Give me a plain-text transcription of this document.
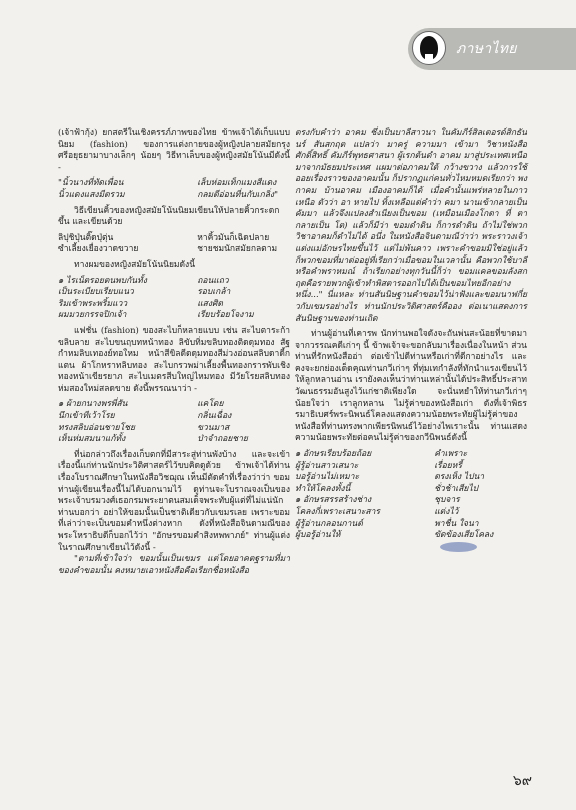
ภาษาไทย

(เจ้าฟ้ากุ้ง) ยกสตรีในเชิงครรภ์ภาพของไทย ข้าพเจ้าได้เก็บแบบนิยม (fashion) ของการแต่งกายของผู้หญิงปลายสมัยกรุงศรีอยุธยามาบางเล็กๆ น้อยๆ วิธีทาเล็บของผู้หญิงสมัยโน้นมีดังนี้ -

"นิ้วนางที่ทัดเพื่อน	เล็บห่อมเท็กแมงสีแดง
นิ้วแดงแสงมีตรวม	กลมตีอ่อนที่นกับเกลิ่ง"

วิธีเขียนคิ้วของหญิงสมัยโน้นนิยมเขียนให้ปลายคิ้วกระดกขึ้น และเขียนด้วย

ลิปุชิปุ่นติ๊ดปุ่ตุ่น	หาคิ้วมันก็เฉิดปลาย
ซำเลี้ยงเยื่องวาดขวาย	ชายชมนักสมัยกลตาม

ทางผมของหญิงสมัยโน้นนิยมดังนี้

๑ ไรเน็ตรอยตนพบกันทั้ง	ถอนแถว
เป็นระเบียบเรียบแนว	รอบเกล้า
ริมเข้าพระพริ้มแวว	แสงศิต
ผมมวยกรรจปิกเจ้า	เรียบร้อยโจงาม

แฟชั่น (fashion) ของสะไบก็หลายแบบ เช่น สะไบตาระก้าขลิบลาย สะไบขนฤบทหน้าทอง ลิขับทิ่มขลิบทองติดดุมทอง สัฐกำหมลิบเทองย์ทอใหม หน้าสีขิลดีดดุมทองสีม่วงอ่อนสลิบดาดี้กแตน ผ้าโกหราทลิบทอง สะไบกรวพม่าเลี้ยงพื้นทองกรารพับเชิงทองหน้าเขียรยาภ สะไบเมตรสีบใหญ่ไหมทอง มีวัยโรยสลิบทองห่มสองใหม่สลดขาย ดังนี้พรรณนาว่า -

๑ ผ้ายกนางพรพี่สัน	แคโดย
นึกเข้าทีเว้าโรย	กลิ่นเฉื่อง
ทรงสลิบอ่อนชายโชย	ขวนมาส
เห็นห่มสมนาแก้ทั้ง	ป่าจำถอยชาย

ที่น่อกล่าวถึงเรื่องเก็บตกที่มีสาระสู่ท่านพังบ้าง และจะเข้าเรื่องนี้แก่ท่านนักประวิติศาสตร์ไว้ขบคิดดูด้วย ข้าพเจ้าได้ท่านเรื่องโบราณศึกษาในหนังสือวิชฌุณ เห็นมีตัดคำที่เรื่องว่าว่า ขอม ท่านผู้เขียนเรื่องนี้ไม่ได้บอกนามไว้ ดูท่านจะโบราณจงเป็นของพระเจ้าบรมวงศ์เธอกรมพระยาตนสมเด็จพระทับผู้แต่ที่ไม่แน่นัก ท่านบอกว่า อย่าให้ขอมนั้นเป็นชาติเดียวกับเขมรเลย เพราะขอมที่เล่าว่าจะเป็นขอมคำหนึ่งต่างหาก ดังที่หนังสือจินดามณีของพระโหราธิบดีก็บอกไว้ว่า "อักษรขอมคำสิงหพพาภย์" ท่านผู้แต่งในราณศึกษาเขียนไว้ดังนี้ -

"ตามที่เข้าใจว่า ขอมนั้นเป็นเขมร แต่โดยอาคตฐรามที่มาของคำขอมนั้น คงหมายเอาหนังสือคือเรียกชื่อหนังสือ

ตรงกับคำว่า อาคม ซึ่งเป็นบาลีสาวนา ในคัมภีร์สิลเตอรด์สิกธันนร์ สันสกฤต แปลว่า มาครู่ ความมา เข้ามา วิชาหนังสือศักดิ์สิทธิ์ คัมภีร์พุทธศาสนา ผู้เรกต้นดำ อาคม มาสู่ประเทศเหนือ มาจากมัธยมประเทศ แผมาต่อภาคมใต้ กว้างขวาง แล้วการใช้ออยเรื่องราวของอาคมนั้น ก็ปรากฏแก่คนทั่วไหมหมดเรียกว่า พงกาคม บ้านอาคม เมืองอาคมก็ได้ เมื่อคำนั้นแพร่หลายในภาวเหนือ ตัวว่า อา หายไป ทิ้งเหลือแต่คำว่า คมา นานเข้ากลายเป็น คัมมา แล้วจึงแปลงสำเนียงเป็นขอม (เหมือนเมืองโกตา ที่ ตา กลายเป็น โต) แล้วก็มีว่า ขอมดำดิน ก็การดำดิน ถ้าไม่ใช่พวกวิชาอาคมก็ดำไม่ได้ อนึ่ง ในหนังสือจินดามณีว่าว่า พระราวงเจ้าแต่งแม่อักษรไทยขึ้นไว้ แต่ไม่พ้นคาว เพราะคำขอมมิใช่อยู่แล้ว ก็พวกขอมที่มาต่ออยู่ที่เรียกว่าเมื่อขอมในเวลานั้น คือพวกใช้บาลีหรือคำพราหมณ์ ถ้าเรียกอย่างทุกวันนี้ก็ว่า ขอมแคลขอมลังสกฤตคือรายพวกผู้เข้าทำพิสตารออกไปได้เป็นขอมไทยอีกอย่างหนึ่ง..." นี่แหละ ท่านสันนิษฐานคำขอมไว้น่าฟังและขอมนาฟกี่ยวกับเขมรอย่างไร ท่านนักประวิติศาสตร์คืออง ต่อเนาแสดงการสันนิษฐานของท่านเถิด

ท่านผู้อ่านที่เคารพ นักท่านพอใจดังจะถันพ่นสะน้อยที่ขาดมาจากวรรณคดีเก่าๆ นี้ ข้าพเจ้าจะขอกลับมาเรื่องเนื่องในหน้า ส่วนท่านที่รักหนังสืออ่า ต่อเข้าไปดีท่านหรือเก่าที่ดีกาอย่างไร และคงจะยกย่องเด็ดคุณท่านกวีเก่าๆ ที่ทุ่มเทกำลังที่ทักนำแรงเขียนไว้ให้ลูกหลานอ่าน เรายังคงเห็นว่าท่านเหล่านั้นได้ประสิทธิ์ประสาทวัฒนธรรมอันสูงไว้แก่ชาติเพียงใด จะนั่นหยำให้ท่านกวีเก่าๆ น้อยใจว่า เราลูกหลาน ไม่รู้ค่าของหนังสือเก่า ดังที่เจ้าพิธรรมาธิเบศร์พระนิพนธ์โคลงแสดงความน้อยพระทัยผู้ไม่รู้ค่าของหนังสือที่ท่านทรงพากเพียรนิพนธ์ไว้อย่างไพเราะนั้น ท่านแสดงความน้อยพระทัยต่อคนไม่รู้ค่าของกวีนิพนธ์ดังนี้

๑ อักษรเรียบร้อยถ้อย	คำเพราะ
ผู้รู้อ่านสาวเสนาะ	เรื่อยหรี้
บอรู้อ่านไม่เหมาะ	ตรงเห็ง ไปนา
ทำให้โคลงทั้งนี้	ชั่วช้าเสียไป
๑ อักษรสรรสร้างช่าง	ชุบจาร
โคลงกี่เพราะเสนาะสาร	แต่งไว้
ผู้รู้อ่านกลอนกานต์	พาชื่น ใจนา
ผู้บอรู้อ่านให้	ขัดข้องเสียโคลง
๖๙
